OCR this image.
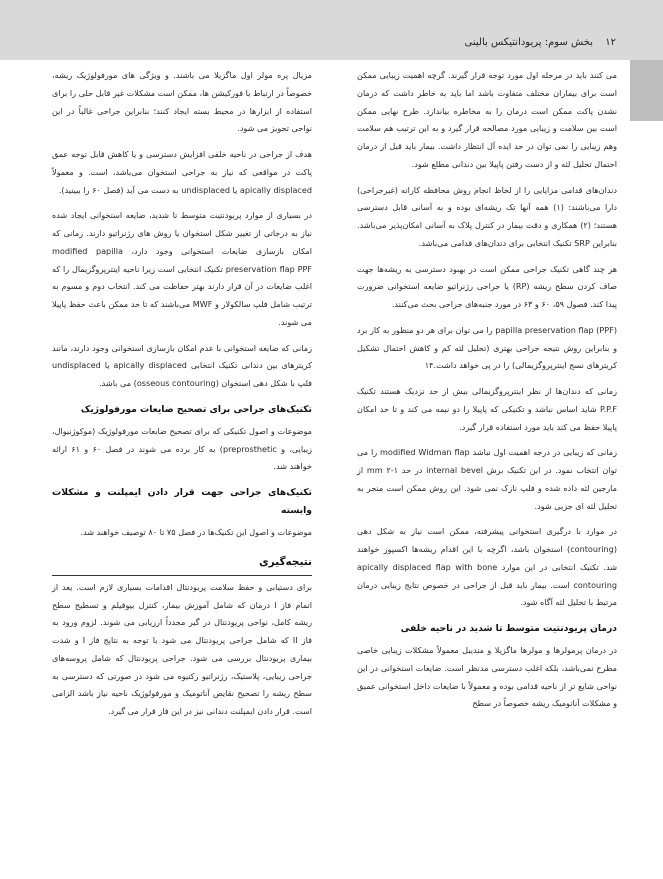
۱۲
بخش سوم: پریودانتیکس بالینی

می کنند باید در مرحله اول مورد توجه قرار گیرند. گرچه اهمیت زیبایی ممکن است برای بیماران مختلف متفاوت باشد اما باید به خاطر داشت که درمان نشدن پاکت ممکن است درمان را به مخاطره بیاندازد. طرح نهایی ممکن است بین سلامت و زیبایی مورد مصالحه قرار گیرد و به این ترتیب هم سلامت وهم زیبایی را نمی توان در حد ایده آل انتظار داشت. بیمار باید قبل از درمان احتمال تحلیل لثه و از دست رفتن پاپیلا بین دندانی مطلع شود.

دندان‌های قدامی مزایایی را از لحاظ انجام روش محافظه کارانه (غیرجراحی) دارا می‌باشند: (۱) همه آنها تک ریشه‌ای بوده و به آسانی قابل دسترسی هستند؛ (۲) همکاری و دقت بیمار در کنترل پلاک به آسانی امکان‌پذیر می‌باشد. بنابراین SRP تکنیک انتخابی برای دندان‌های قدامی می‌باشد.

هر چند گاهی تکنیک جراحی ممکن است در بهبود دسترسی به ریشه‌ها جهت صاف کردن سطح ریشه (RP) یا جراحی رژنراتیو ضایعه استخوانی ضرورت پیدا کند. فصول ۵۹، ۶۰ و ۶۳ در مورد جنبه‌های جراحی بحث می‌کنند.

(PPF) papilla preservation flap را می توان برای هر دو منظور به کار برد و بنابراین روش نتیجه جراحی بهتری (تحلیل لثه کم و کاهش احتمال تشکیل کریترهای نسج اینترپروگزیمالی) را در پی خواهد داشت.۱۴

زمانی که دندان‌ها از نظر اینترپروگزیمالی بیش از حد نزدیک هستند تکنیک P.P.F شاید اساس نباشد و تکنیکی که پاپیلا را دو نیمه می کند و تا حد امکان پاپیلا حفظ می کند باید مورد استفاده قرار گیرد.

زمانی که زیبایی در درجه اهمیت اول نباشد modified Widman flap را می توان انتخاب نمود. در این تکنیک برش internal bevel در حد ۱-۲ mm از مارجین لثه داده شده و فلپ نازک نمی شود. این روش ممکن است منجر به تحلیل لثه ای جزیی شود.

در موارد با درگیری استخوانی پیشرفته، ممکن است نیاز به شکل دهی (contouring) استخوان باشد، اگرچه با این اقدام ریشه‌ها اکسپوز خواهند شد. تکنیک انتخابی در این موارد apically displaced flap with bone contouring است. بیمار باید قبل از جراحی در خصوص نتایج زیبایی درمان مرتبط با تحلیل لثه آگاه شود.

درمان پریودنتیت متوسط تا شدید در ناحیه خلفی

در درمان پرمولرها و مولرها ماگزیلا و مندیبل معمولاً مشکلات زیبایی خاصی مطرح نمی‌باشد، بلکه اغلب دسترسی مدنظر است. ضایعات استخوانی در این نواحی شایع تر از ناحیه قدامی بوده و معمولاً با ضایعات داخل استخوانی عمیق و مشکلات آناتومیک ریشه خصوصاً در سطح

مزیال پره مولر اول ماگزیلا می باشند. و ویژگی های مورفولوژیک ریشه، خصوصاً در ارتباط با فورکیشن ها، ممکن است مشکلات غیر قابل حلی را برای استفاده از ابزارها در محیط بسته ایجاد کنند؛ بنابراین جراحی غالباً در این نواحی تجویز می شود.

هدف از جراحی در ناحیه خلفی افزایش دسترسی و یا کاهش قابل توجه عمق پاکت در مواقعی که نیاز به جراحی استخوان می‌باشد، است. و معمولاً apically displaced یا undisplaced به دست می آید (فصل ۶۰ را ببینید).

در بسیاری از موارد پریودنتیت متوسط تا شدید، ضایعه استخوانی ایجاد شده نیاز به درجاتی از تغییر شکل استخوان یا روش های رژنراتیو دارند. زمانی که امکان بازسازی ضایعات استخوانی وجود دارد، modified papilla preservation flap PPF تکنیک انتخابی است زیرا ناحیه اینترپروگزیمال را که اغلب ضایعات در آن قرار دارند بهتر حفاظت می کند. انتخاب دوم و مسوم به ترتیب شامل فلپ سالکولار و MWF می‌باشند که تا حد ممکن باعث حفظ پاپیلا می شوند.

زمانی که ضایعه استخوانی با عدم امکان بازسازی استخوانی وجود دارند، مانند کریترهای بین دندانی تکنیک انتخابی apically displaced یا undisplaced فلپ با شکل دهی استخوان (osseous contouring) می باشد.

تکنیک‌های جراحی برای تصحیح ضایعات مورفولوژیک

موضوعات و اصول تکنیکی که برای تصحیح ضایعات مورفولوژیک (موکوژنیوال، زیبایی، و preprosthetic) به کار برده می شوند در فصل ۶۰ و ۶۱ ارائه خواهند شد.

تکنیک‌های جراحی جهت قرار دادن ایمپلنت و مشکلات وابسته

موضوعات و اصول این تکنیک‌ها در فصل ۷۵ تا ۸۰ توصیف خواهند شد.

نتیجه‌گیری

برای دستیابی و حفظ سلامت پریودنتال اقدامات بسیاری لازم است. یعد از اتمام فاز I درمان که شامل آموزش بیمار، کنترل بیوفیلم و تسطیح سطح ریشه کامل، نواحی پریودنتال در گیر مجدداً ارزیابی می شوند. لزوم ورود به فاز II که شامل جراحی پریودنتال می شود با توجه به نتایج فاز I و شدت بیماری پریودنتال بررسی می شود. جراحی پریودنتال که شامل پروسه‌های جراحی زیبایی، پلاستیک، رژنراتیو رکتیوه می شود در صورتی که دسترسی به سطح ریشه را تصحیح نقایص آناتومیک و مورفولوژیک ناحیه نیاز باشد الزامی است. قرار دادن ایمپلنت دندانی نیز در این فاز قرار می گیرد.
